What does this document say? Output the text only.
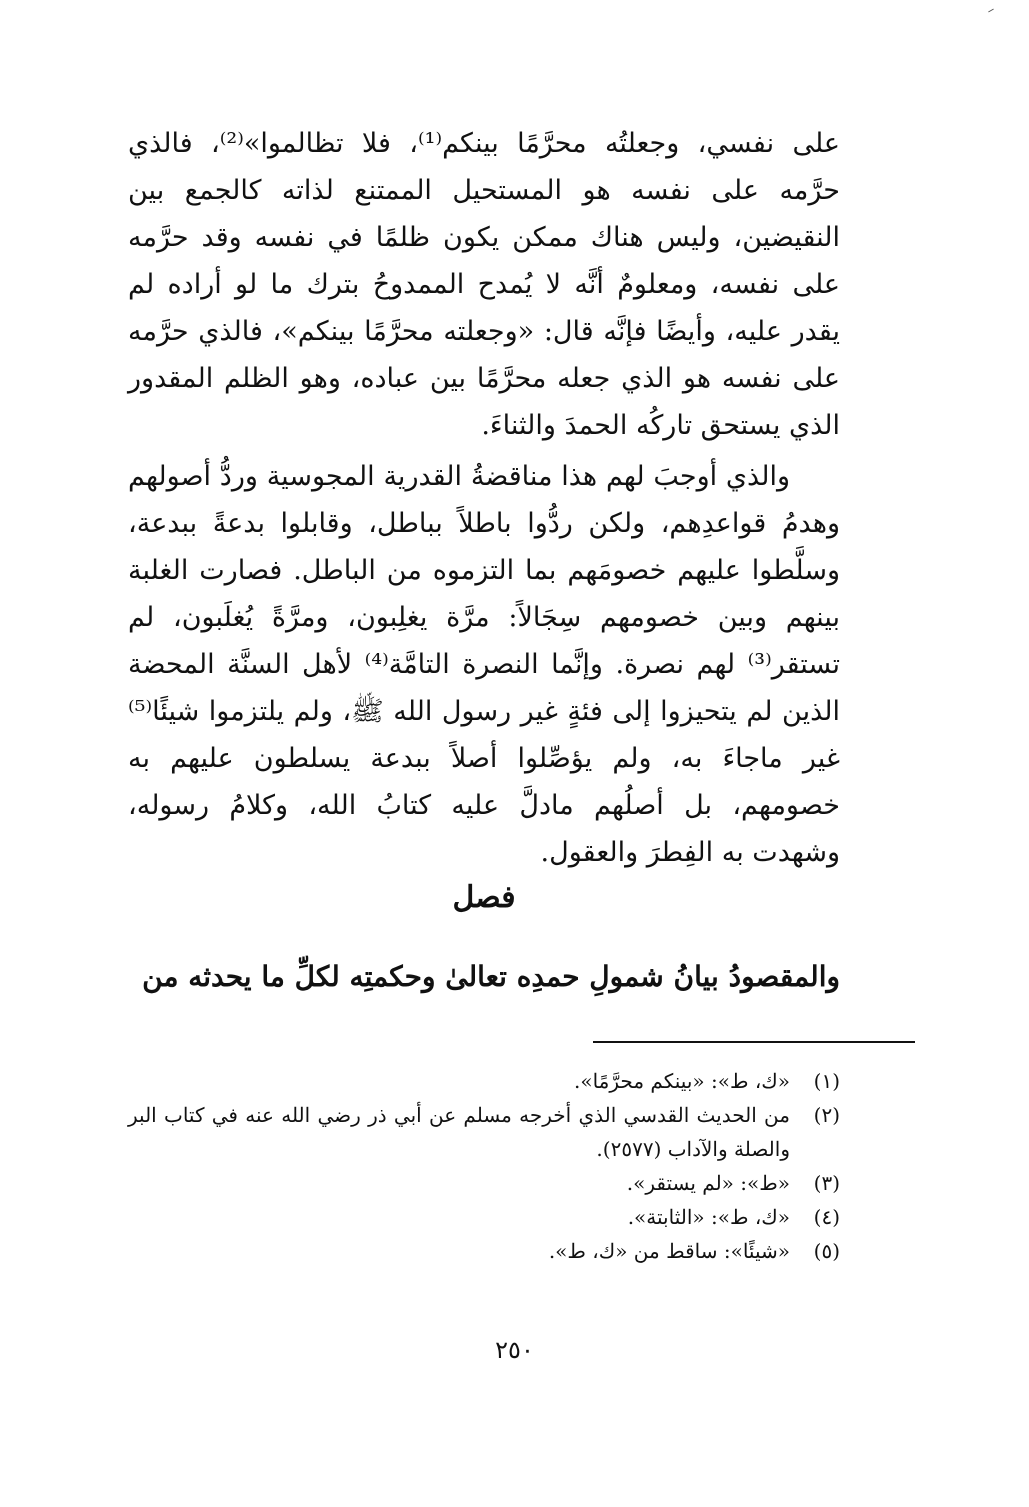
على نفسي، وجعلتُه محرَّمًا بينكم⁽¹⁾، فلا تظالموا»⁽²⁾، فالذي حرَّمه على نفسه هو المستحيل الممتنع لذاته كالجمع بين النقيضين، وليس هناك ممكن يكون ظلمًا في نفسه وقد حرَّمه على نفسه، ومعلومٌ أنَّه لا يُمدح الممدوحُ بترك ما لو أراده لم يقدر عليه، وأيضًا فإنَّه قال: «وجعلته محرَّمًا بينكم»، فالذي حرَّمه على نفسه هو الذي جعله محرَّمًا بين عباده، وهو الظلم المقدور الذي يستحق تاركُه الحمدَ والثناءَ.

والذي أوجبَ لهم هذا مناقضةُ القدرية المجوسية وردُّ أصولهم وهدمُ قواعدِهم، ولكن ردُّوا باطلاً بباطل، وقابلوا بدعةً ببدعة، وسلَّطوا عليهم خصومَهم بما التزموه من الباطل. فصارت الغلبة بينهم وبين خصومهم سِجَالاً: مرَّة يغلِبون، ومرَّةً يُغلَبون، لم تستقر⁽³⁾ لهم نصرة. وإنَّما النصرة التامَّة⁽⁴⁾ لأهل السنَّة المحضة الذين لم يتحيزوا إلى فئةٍ غير رسول الله ﷺ، ولم يلتزموا شيئًا⁽⁵⁾ غير ماجاءَ به، ولم يؤصِّلوا أصلاً ببدعة يسلطون عليهم به خصومهم، بل أصلُهم مادلَّ عليه كتابُ الله، وكلامُ رسوله، وشهدت به الفِطرَ والعقول.

فصل

والمقصودُ بيانُ شمولِ حمدِه تعالىٰ وحكمتِه لكلِّ ما يحدثه من

(١)
«ك، ط»: «بينكم محرَّمًا».
(٢)
من الحديث القدسي الذي أخرجه مسلم عن أبي ذر رضي الله عنه في كتاب البر والصلة والآداب (٢٥٧٧).
(٣)
«ط»: «لم يستقر».
(٤)
«ك، ط»: «الثابتة».
(٥)
«شيئًا»: ساقط من «ك، ط».
٢٥٠
